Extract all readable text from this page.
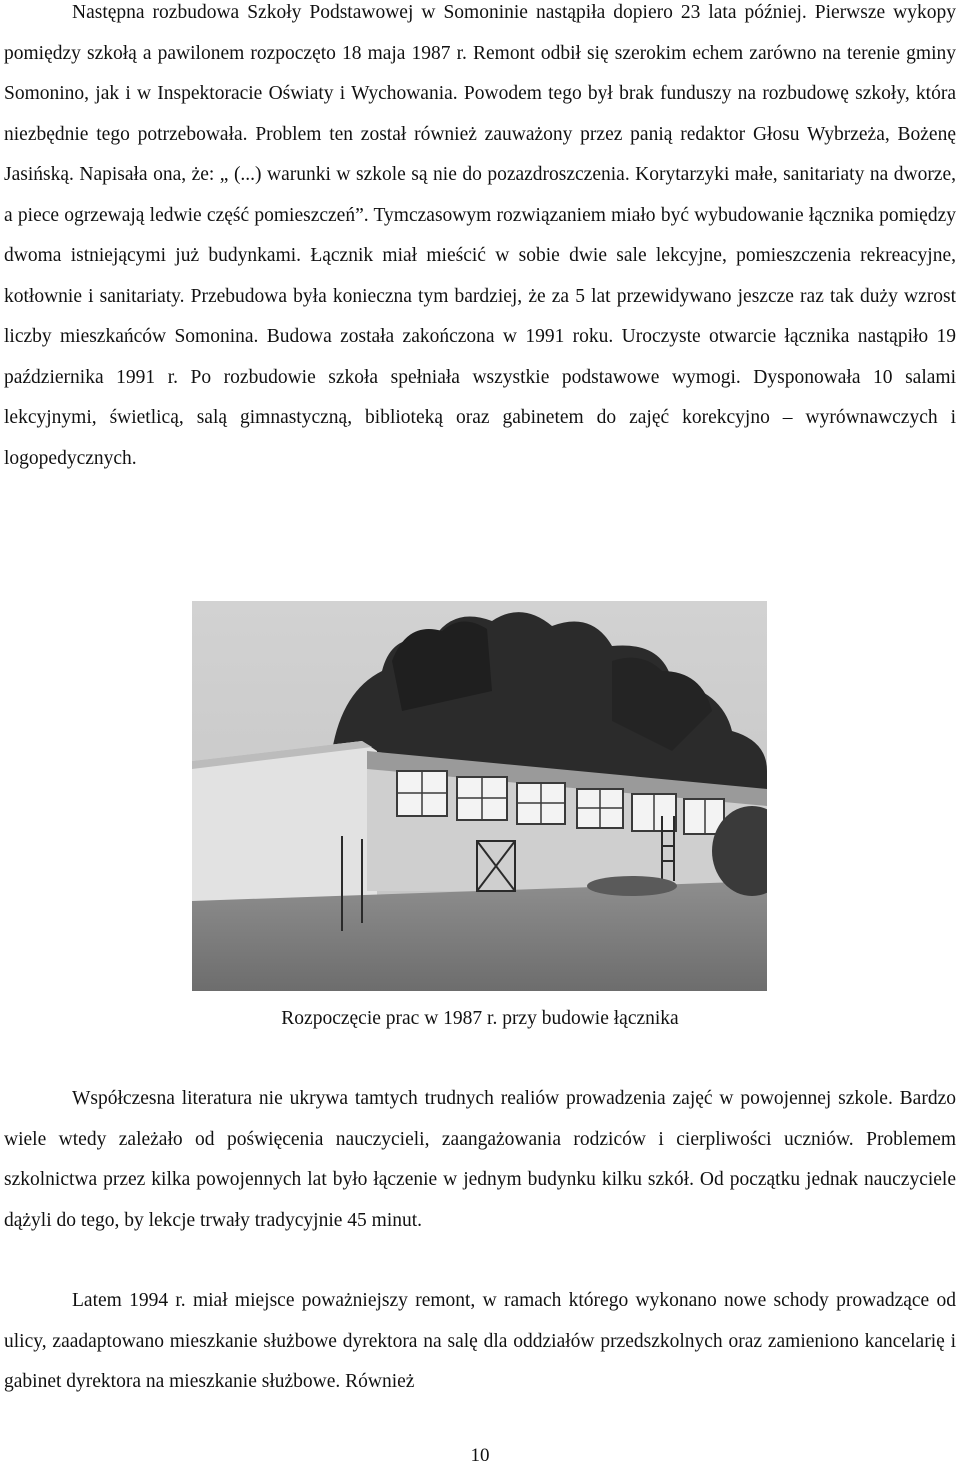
Następna rozbudowa Szkoły Podstawowej w Somoninie nastąpiła dopiero 23 lata później. Pierwsze wykopy pomiędzy szkołą a pawilonem rozpoczęto 18 maja 1987 r. Remont odbił się szerokim echem zarówno na terenie gminy Somonino, jak i w Inspektoracie Oświaty i Wychowania. Powodem tego był brak funduszy na rozbudowę szkoły, która niezbędnie tego potrzebowała. Problem ten został również zauważony przez panią redaktor Głosu Wybrzeża, Bożenę Jasińską. Napisała ona, że: „ (...) warunki w szkole są nie do pozazdroszczenia. Korytarzyki małe, sanitariaty na dworze, a piece ogrzewają ledwie część pomieszczeń”. Tymczasowym rozwiązaniem miało być wybudowanie łącznika pomiędzy dwoma istniejącymi już budynkami. Łącznik miał mieścić w sobie dwie sale lekcyjne, pomieszczenia rekreacyjne, kotłownie i sanitariaty. Przebudowa była konieczna tym bardziej, że za 5 lat przewidywano jeszcze raz tak duży wzrost liczby mieszkańców Somonina. Budowa została zakończona w 1991 roku. Uroczyste otwarcie łącznika nastąpiło 19 października 1991 r. Po rozbudowie szkoła spełniała wszystkie podstawowe wymogi. Dysponowała 10 salami lekcyjnymi, świetlicą, salą gimnastyczną, biblioteką oraz gabinetem do zajęć korekcyjno – wyrównawczych i logopedycznych.

Rozpoczęcie prac w 1987 r. przy budowie łącznika

Współczesna literatura nie ukrywa tamtych trudnych realiów prowadzenia zajęć w powojennej szkole. Bardzo wiele wtedy zależało od poświęcenia nauczycieli, zaangażowania rodziców i cierpliwości uczniów. Problemem szkolnictwa przez kilka powojennych lat było łączenie w jednym budynku kilku szkół. Od początku jednak nauczyciele dążyli do tego, by lekcje trwały tradycyjnie 45 minut.

Latem 1994 r. miał miejsce poważniejszy remont, w ramach którego wykonano nowe schody prowadzące od ulicy, zaadaptowano mieszkanie służbowe dyrektora na salę dla oddziałów przedszkolnych oraz zamieniono kancelarię i gabinet dyrektora na mieszkanie służbowe. Również

10
